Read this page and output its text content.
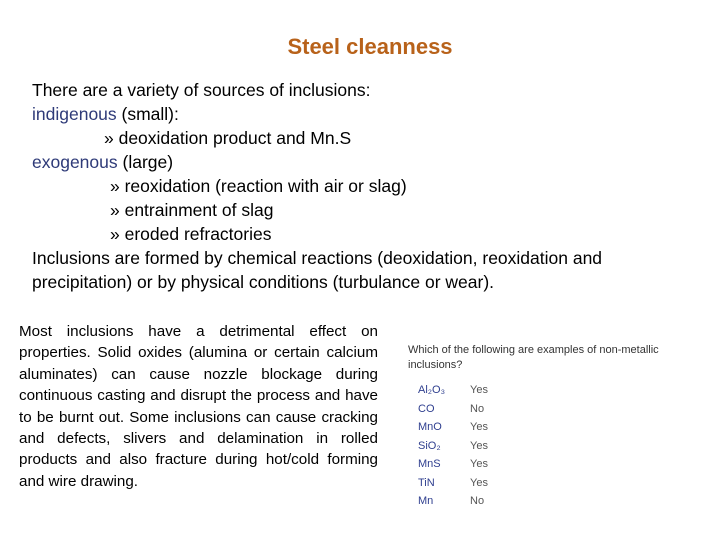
Steel cleanness
There are a variety of sources of inclusions:
indigenous (small):
» deoxidation product and Mn.S
exogenous (large)
» reoxidation (reaction with air or slag)
» entrainment of slag
» eroded refractories
Inclusions are formed by chemical reactions (deoxidation, reoxidation and
precipitation) or by physical conditions (turbulance or wear).
Most inclusions have a detrimental effect on properties. Solid oxides (alumina or certain calcium aluminates) can cause nozzle blockage during continuous casting and disrupt the process and have to be burnt out. Some inclusions can cause cracking and defects, slivers and delamination in rolled products and also fracture during hot/cold forming and wire drawing.
Which of the following are examples of non-metallic inclusions?
Al₂O₃ Yes
CO	No
MnO	Yes
SiO₂	Yes
MnS	Yes
TiN	Yes
Mn	No
